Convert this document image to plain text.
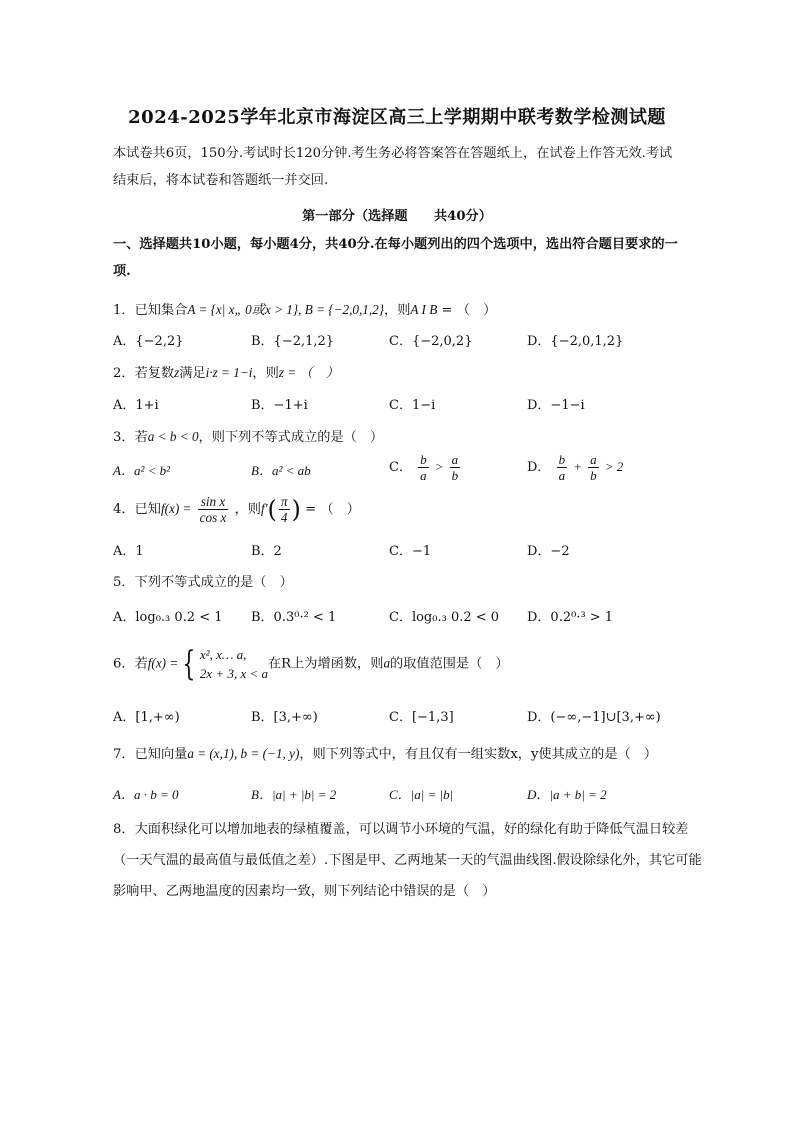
2024-2025学年北京市海淀区高三上学期期中联考数学检测试题
本试卷共6页，150分.考试时长120分钟.考生务必将答案答在答题纸上，在试卷上作答无效.考试结束后，将本试卷和答题纸一并交回.
第一部分（选择题　　共40分）
一、选择题共10小题，每小题4分，共40分.在每小题列出的四个选项中，选出符合题目要求的一项.
1．已知集合A = {x| x„ 0或x > 1}, B = {−2,0,1,2}，则A I B = （　）
A．{−2,2}	B．{−2,1,2}	C．{−2,0,2}	D．{−2,0,1,2}
2．若复数z满足i·z = 1−i，则z = （　）
A．1+i	B．−1+i	C．1−i	D．−1−i
3．若a < b < 0，则下列不等式成立的是（　）
A．a² < b²	B．a² < ab	C． $\frac{b}{a} > \frac{a}{b}$	D． $\frac{b}{a} + \frac{a}{b} > 2$
4．已知$f(x) = \frac{\text{sin x}}{\text{cos x}}$ ，则$f'( \frac{\pi}{4}$ ) = （　）
A．1	B．2	C．−1	D．−2
5．下列不等式成立的是（　）
A．log₀.₃ 0.2 < 1 B．0.3⁰·² < 1	C．log₀.₃ 0.2 < 0 D．0.2⁰·³ > 1
6．若f(x) = { x², x… a,
2x + 3, x < a
在R上为增函数，则a的取值范围是（　）
A．[1,+∞)	B．[3,+∞)	C．[−1,3]	D．(−∞,−1]∪[3,+∞)
7．已知向量a = (x,1), b = (−1, y)，则下列等式中，有且仅有一组实数x，y使其成立的是（　）
A．a · b = 0	B．|a| + |b| = 2	C．|a| = |b|	D．|a + b| = 2
8．大面积绿化可以增加地表的绿植覆盖，可以调节小环境的气温，好的绿化有助于降低气温日较差（一天气温的最高值与最低值之差）.下图是甲、乙两地某一天的气温曲线图.假设除绿化外，其它可能影响甲、乙两地温度的因素均一致，则下列结论中错误的是（　）
